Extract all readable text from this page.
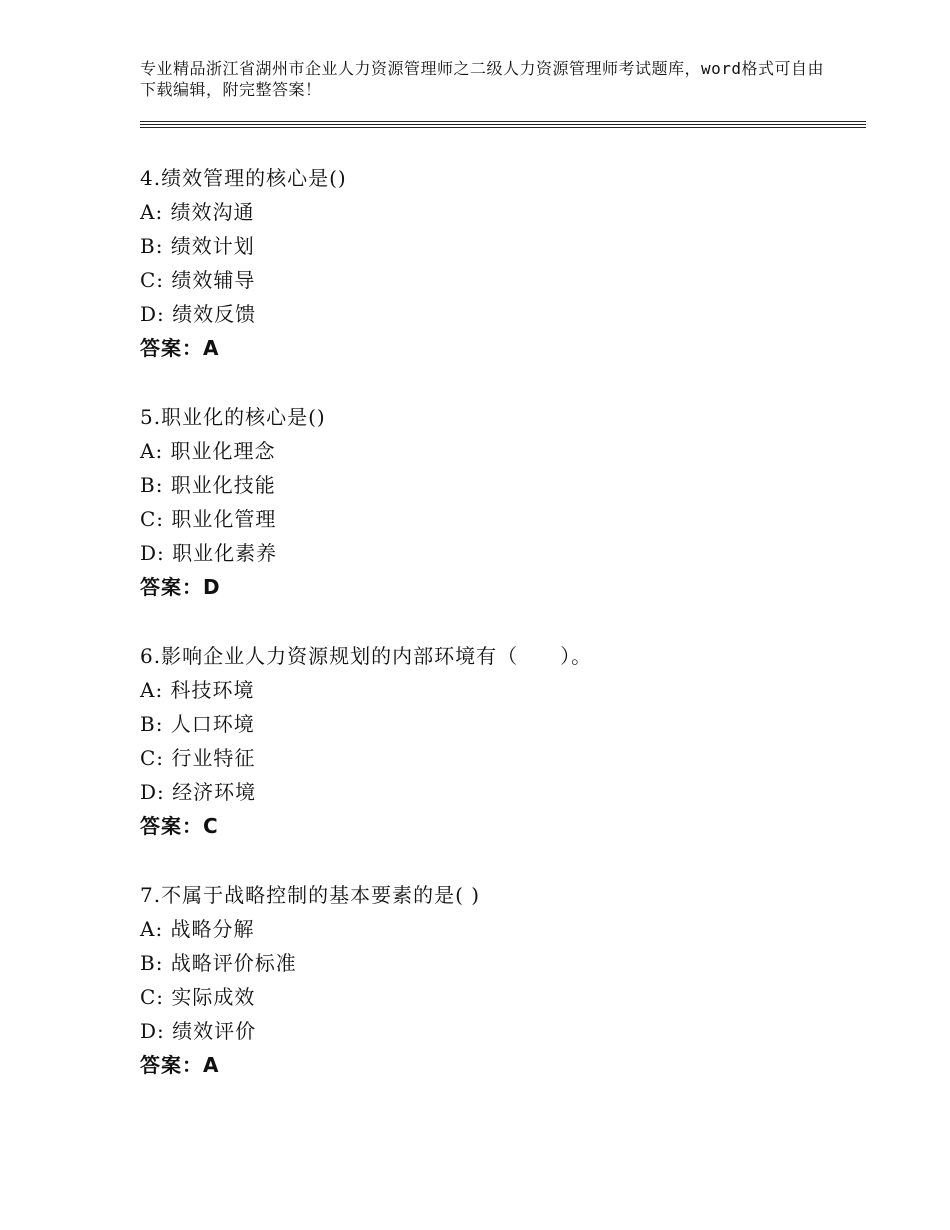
专业精品浙江省湖州市企业人力资源管理师之二级人力资源管理师考试题库，word格式可自由下载编辑，附完整答案！
4.绩效管理的核心是()
A: 绩效沟通
B: 绩效计划
C: 绩效辅导
D: 绩效反馈
答案：A
5.职业化的核心是()
A: 职业化理念
B: 职业化技能
C: 职业化管理
D: 职业化素养
答案：D
6.影响企业人力资源规划的内部环境有（　　）。
A: 科技环境
B: 人口环境
C: 行业特征
D: 经济环境
答案：C
7.不属于战略控制的基本要素的是( )
A: 战略分解
B: 战略评价标准
C: 实际成效
D: 绩效评价
答案：A
